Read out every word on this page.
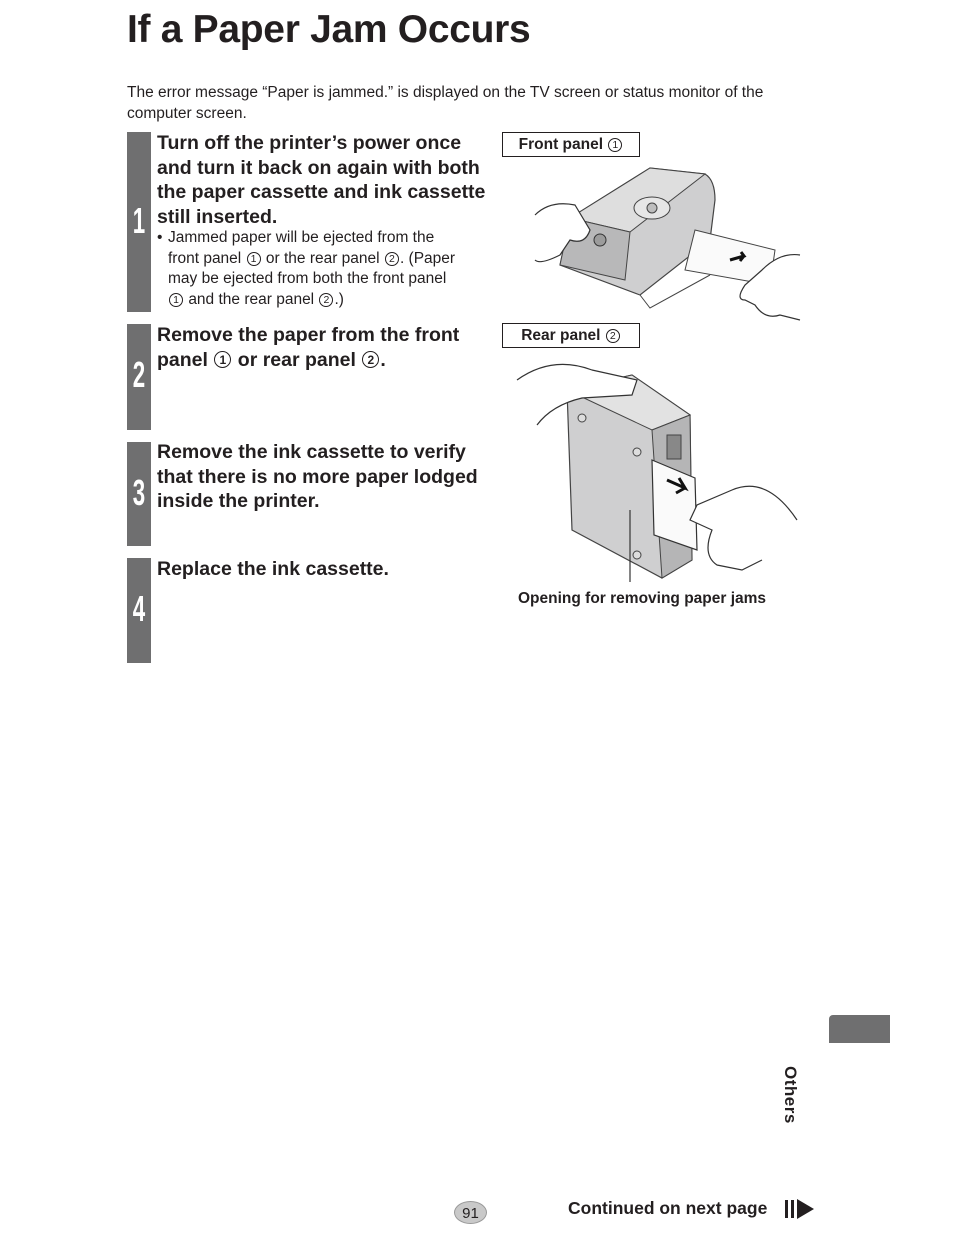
If a Paper Jam Occurs
The error message “Paper is jammed.” is displayed on the TV screen or status monitor of the computer screen.
1
Turn off the printer’s power once and turn it back on again with both the paper cassette and ink cassette still inserted.
• Jammed paper will be ejected from the
front panel 1 or the rear panel 2 . (Paper
may be ejected from both the front panel
1 and the rear panel 2 .)
2
Remove the paper from the front
panel 1 or rear panel 2 .
3
Remove the ink cassette to verify that there is no more paper lodged inside the printer.
4
Replace the ink cassette.
Front panel 1
Rear panel 2
Opening for removing paper jams
Others
91	Continued on next page
